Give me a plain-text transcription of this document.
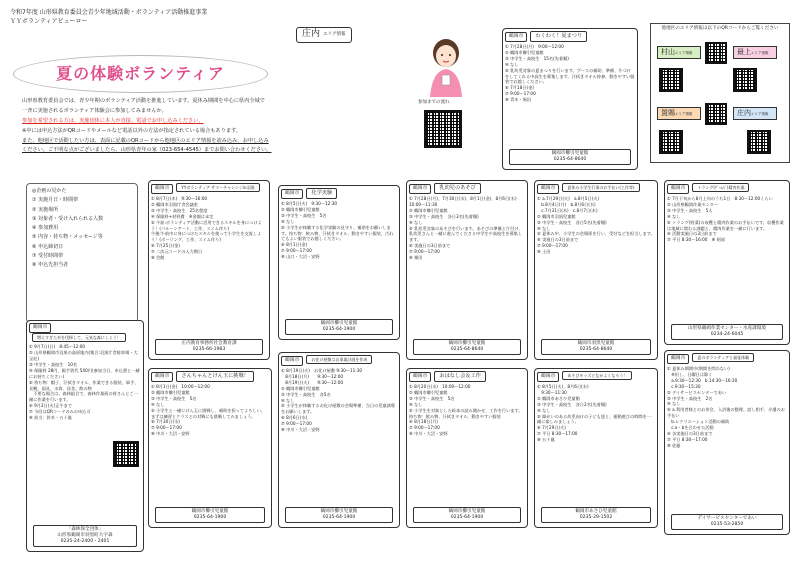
令和7年度 山形県教育委員会青少年地域活動・ボランティア活動推進事業
ＹＹボランティアビューロー
庄内 エリア情報
夏の体験ボランティア
山形県教育委員会では、青少年期のボランティア活動を推進しています。夏休み期間を中心に県内全域で
一斉に実施されるボランティア体験会に参加してみませんか。
参加を希望される方は、実施団体に本人が直接、電話でお申し込みください。
※中には申込方法がQRコードやメールなど電話以外の方法が指定されている場合もあります。
また、他地区で活動したい方は、表面に記載のQRコードから他地区のエリア情報を読み込み、お申し込み
ください。ご不明な点がございましたら、山形県青年の家（023-654-4545）までお問い合わせください。
参加までの流れ
他地区のエリア情報は以下のQRコードからご覧ください
村山エリア情報	最上エリア情報
置賜エリア情報	庄内エリア情報
◎企画の見かた
① 実施月日・時間帯
② 実施場所
③ 対象者・受け入れられる人数
④ 参加費用
⑤ 内容・持ち物・メッセージ等
⑥ 申込締切日
⑦ 受付時間帯
⑧ 申込先担当者
鶴岡市 わくわく！夏まつり
① 7月28日(月)　9:00～12:00
② 鶴岡市櫛引児童館
③ 中学生・高校生　15名(先着順)
④ なし
⑤ 乳幼児対象の夏まつりを行います。ブースの補助、準備、片づけをしてくれる中高生を募集します。汗拭きタオル持参、動きやすい服装でお越しください。
⑥ 7月18日(金)
⑦ 9:00～17:00
⑧ 青木・堀田
鶴岡市櫛引児童館
0235-64-8640
鶴岡市	YYボランティア サマーチャレンジin羽黒
① 8月7日(木)　9:30～16:00
② 鶴岡市羽黒庁舎会議室
③ 中学生・高校生　25名程度
④ 保険料+材料費　※金額は未定
⑤ 午前:ボランティア活動に活用できるスキルを身につけよう！(バルーンアート、工作、スイム作り)
午後:午前中に身につけたスキルを使って小学生を交流しよう！(ボーリング、工作、スイム作り)
⑥ 7月25日(金)
⑦ 二次元コードの入力期日
⑧ 会館
庄内教育事務所社会教育課
0235-66-1983
鶴岡市 化学実験
① 8月5日(火)　9:30～12:30
② 鶴岡市櫛引児童館
③ 中学生・高校生　5名
④ なし
⑤ 小学生が体験する化学実験の見守り、補助をお願いします。持ち物：飲み物、汗拭きタオル、動きやすい服装、汚れてもよい服装でお越しください。
⑥ 8月1日(金)
⑦ 9:00～17:00
⑧ 山口・大沼・安野
鶴岡市櫛引児童館
0235-64-1900
鶴岡市 乳幼児のあそび
① 7月28日(月)、7月30日(水)、8月1日(金)、8月6日(水)
10:00～11:30
② 鶴岡市櫛引児童館
③ 中学生・高校生　各日3名(先着順)
④ なし
⑤ 乳幼児対象のあそびを行います。あそびの準備と片付け、乳幼児さんと一緒に遊んでくださる中学生や高校生を募集します。
⑥ 実施日の3日前まで
⑦ 9:00～17:00
⑧ 畑田
鶴岡市櫛引児童館
0235-64-8640
鶴岡市	夏休み小学生行事のお手伝い(工作等)
① a.7月29日(火)　a.8月5日(火)
　b.8月4日(月)　b.8月6日(水)
　c.7月31日(木)　c.8月7日(木)
② 鶴岡市羽黒児童館
③ 中学生・高校生　各日5名(先着順)
④ なし
⑤ 夏休み中、小学生の会場係を行い、受付などを担当します。
⑥ 実施日の3日前まで
⑦ 9:00～17:00
⑧ 土田
鶴岡市羽黒児童館
0235-64-8640
鶴岡市	トラング(ｹﾞｰﾑﾊﾟ)精肉作業
① 7月下旬から8月上旬のうち1日　8:30～12:00くらい
② 山形県鶴岡作業センター
③ 中学生・高校生　5人
④ なし
⑤ トラング(野菜)の収穫と精肉作業のお手伝いです。収穫作業は地域に関わる課題と、精肉作業を一緒に行います。
⑥ 活動実施日の3日前まで
⑦ 平日 8:30～16:00　⑧ 阿部
山形県鶴岡作業センター・水産課環境
0234-24-6045
鶴岡市増えすぎた木を伐採して、元気な森にしよう！
① 9月7日(日)　8:45～12:00
② 山形県鶴岡市羽黒の高原地内(集合:羽黒庁舎駐車場・大宝荘)
③ 中学生・高校生　10名
④ 保険料 28円、鋸手袋代 540円(参加当日、申込書と一緒にお持ちください)
⑤ 持ち物：帽子、汗拭きタオル、作業できる服装、軍手、長靴、雨具、水筒、昼食、飲み物
　不要な場合は、森林組合で、森林作業班の皆さんとご一緒に作業を行います。
⑥ 9月2日(火)正午まで
⑦ 今回はQRコードのみの申込可
⑧ 担当：鈴木・五十嵐
「森林保全団体」
山形県鶴岡市羽黒町大字森
0235-24-2400・2401
鶴岡市 さんちゃんとけん玉に挑戦！
① 8月1日(金)　10:00～12:00
② 鶴岡市櫛引児童館
③ 中学生・高校生　5名
④ なし
⑤ 小学生と一緒にけん玉に挑戦し、補助を担ってよろしい。まずは練習とクラスとの対戦にも挑戦してみましょう。
⑥ 7月30日(水)
⑦ 9:00～17:00
⑧ 中川・大沼・安野
鶴岡市櫛引児童館
0235-64-1900
鶴岡市	お化け屋敷は自事業計画を作成
① 8月19日(火)　お化け屋敷 9:30～11:30
　8月18日(月)　　9:30～12:00
　8月19日(火)　　9:30～12:00
② 鶴岡市櫛引児童館
③ 中学生・高校生　各5名
④ なし
⑤ 小学生が体験するお化け屋敷の会場準備、当日の児童誘導をお願いします。
⑥ 8月6日(水)
⑦ 9:00～17:00
⑧ 中川・大沼・安野
鶴岡市櫛引児童館
0235-64-1900
鶴岡市 おはなし会＆工作
① 8月20日(水)　10:00～12:00
② 鶴岡市櫛引児童館
③ 中学生・高校生　5名
④ なし
⑤ 小学生を対象とした絵本の読み聞かせ、工作を行います。
持ち物：飲み物、汗拭きタオル、動きやすい服装
⑥ 8月18日(月)
⑦ 9:00～17:00
⑧ 中川・大沼・安野
鶴岡市櫛引児童館
0235-64-1900
鶴岡市	あそびキッズとなかよくなろう！
① 8月5日(火)、8月6日(水)
　9:30～11:30
② 鶴岡市あさひ児童館
③ 中学生・高校生　各日2名(先着順)
④ なし
⑤ 障がいのある幼児向けの子ども達と、運動遊びの時間を一緒に楽しみましょう。
⑥ 7月29日(火)
⑦ 平日 8:30～17:00
⑧ 五十嵐
鶴岡市あさひ児童館
0235-29-1502
鶴岡市	夏のボランティアと福祉体験
① 夏休み期間中(期間を問わない)
　※但し、日曜日は除く
　a.9:30～12:30　b.14:30～16:30
　c.9:30～15:30
② デイサービスセンターであい
③ 中学生・高校生　2名
④ なし
⑤ a.利用者様とのお茶会、入浴後の整理、話し相手、介護のお手伝い
　b.レクリエーション活動の補助
　c.a・bを合わせた活動
⑥ 各実施日の3日前まで
⑦ 平日 8:30～17:00
⑧ 佐藤
デイサービスセンターであい
0235-53-2850
